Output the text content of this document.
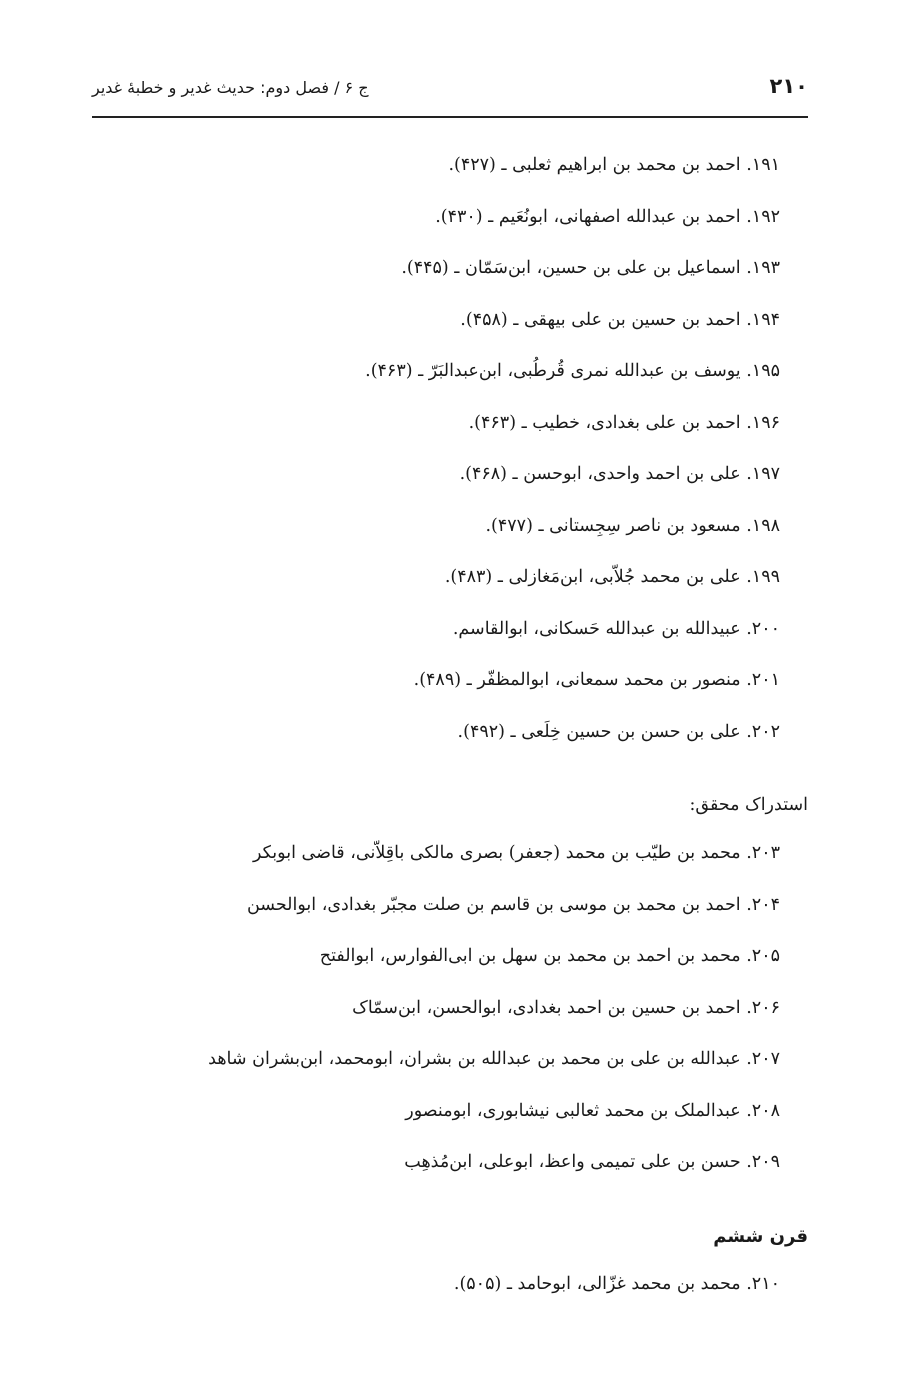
۲۱۰
ج ۶ / فصل دوم: حدیث غدیر و خطبهٔ غدیر
۱۹۱. احمد بن محمد بن ابراهیم ثعلبی ـ (۴۲۷).
۱۹۲. احمد بن عبدالله اصفهانی، ابونُعَیم ـ (۴۳۰).
۱۹۳. اسماعیل بن علی بن حسین، ابن‌سَمّان ـ (۴۴۵).
۱۹۴. احمد بن حسین بن علی بیهقی ـ (۴۵۸).
۱۹۵. یوسف بن عبدالله نمری قُرطُبی، ابن‌عبدالبَرّ ـ (۴۶۳).
۱۹۶. احمد بن علی بغدادی، خطیب ـ (۴۶۳).
۱۹۷. علی بن احمد واحدی، ابوحسن ـ (۴۶۸).
۱۹۸. مسعود بن ناصر سِجِستانی ـ (۴۷۷).
۱۹۹. علی بن محمد جُلاّبی، ابن‌مَغازلی ـ (۴۸۳).
۲۰۰. عبیدالله بن عبدالله حَسکانی، ابوالقاسم.
۲۰۱. منصور بن محمد سمعانی، ابوالمظفّر ـ (۴۸۹).
۲۰۲. علی بن حسن بن حسین خِلَعی ـ (۴۹۲).
استدراک محقق:
۲۰۳. محمد بن طیّب بن محمد (جعفر) بصری مالکی باقِلاّنی، قاضی ابوبکر
۲۰۴. احمد بن محمد بن موسی بن قاسم بن صلت مجبّر بغدادی، ابوالحسن
۲۰۵. محمد بن احمد بن محمد بن سهل بن ابی‌الفوارس، ابوالفتح
۲۰۶. احمد بن حسین بن احمد بغدادی، ابوالحسن، ابن‌سمّاک
۲۰۷. عبدالله بن علی بن محمد بن عبدالله بن بشران، ابومحمد، ابن‌بشران شاهد
۲۰۸. عبدالملک بن محمد ثعالبی نیشابوری، ابومنصور
۲۰۹. حسن بن علی تمیمی واعظ، ابوعلی، ابن‌مُذهِب
قرن ششم
۲۱۰. محمد بن محمد غزّالی، ابوحامد ـ (۵۰۵).
